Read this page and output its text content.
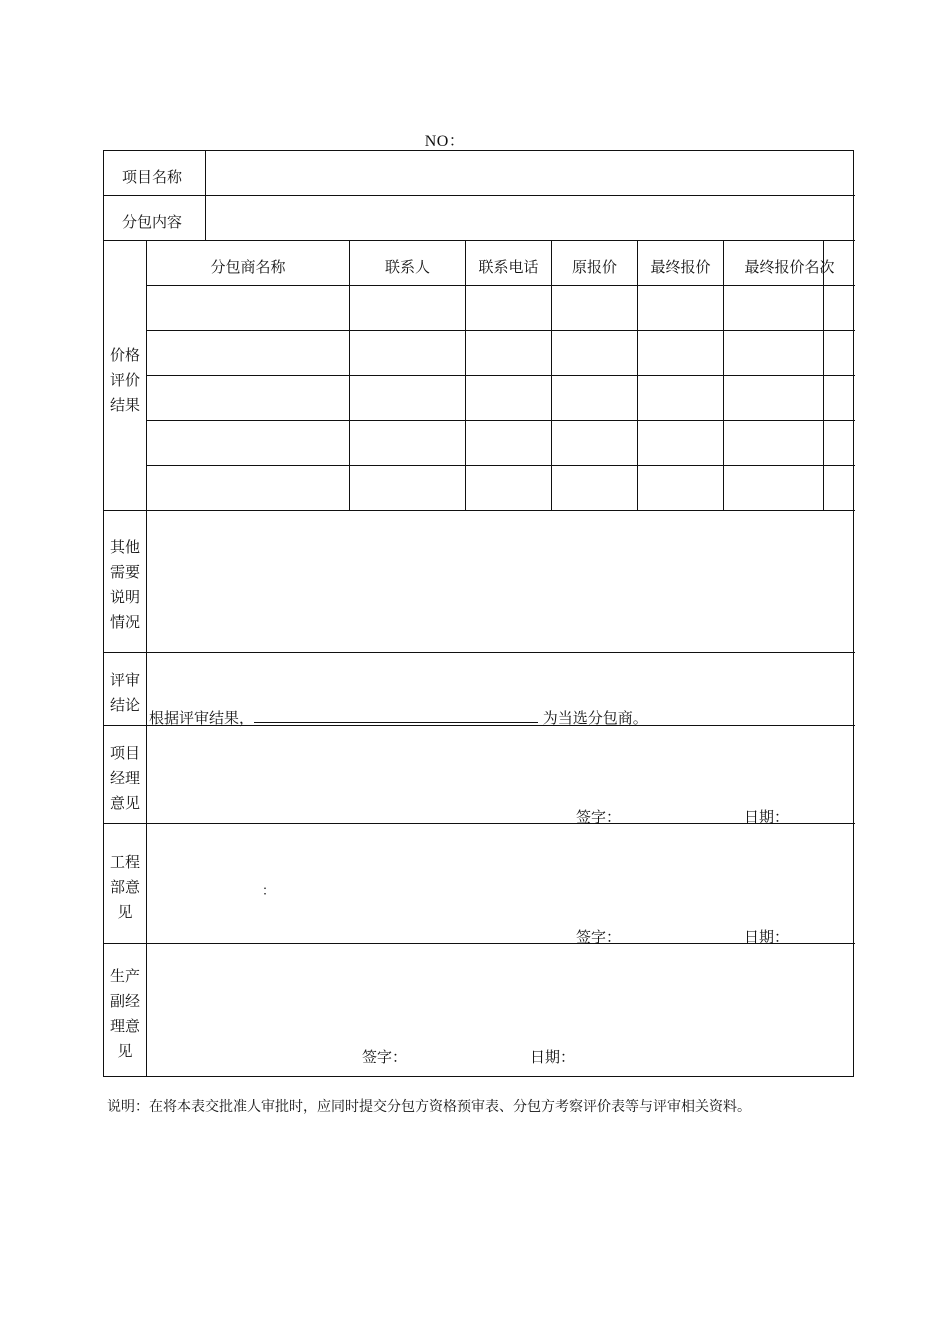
NO：
项目名称
分包内容
价格
评价
结果
分包商名称	联系人	联系电话	原报价	最终报价	最终报价名次
其他
需要
说明
情况
评审
结论
根据评审结果，	为当选分包商。
项目
经理
意见
签字：	日期：
工程
部意
见
：
签字：	日期：
生产
副经
理意
见	签字：	日期：
说明：在将本表交批准人审批时，应同时提交分包方资格预审表、分包方考察评价表等与评审相关资料。
